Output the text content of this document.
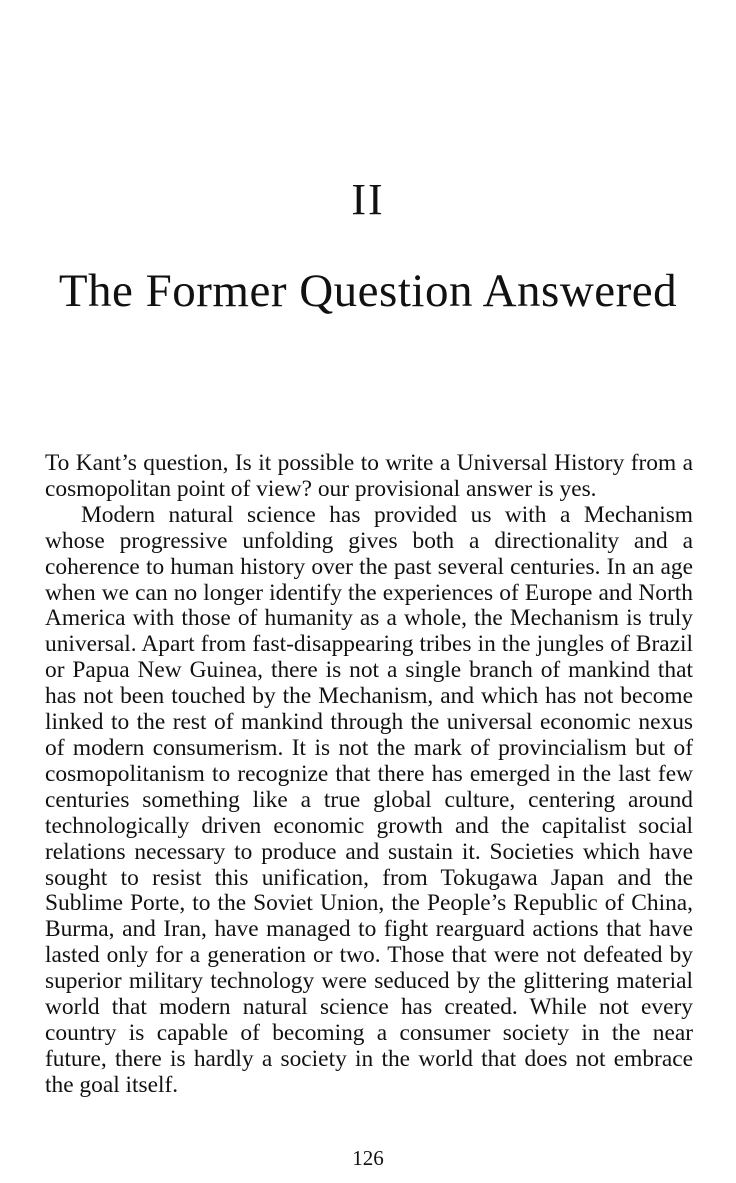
II
The Former Question Answered

To Kant’s question, Is it possible to write a Universal History from a cosmopolitan point of view? our provisional answer is yes.

Modern natural science has provided us with a Mechanism whose progressive unfolding gives both a directionality and a coherence to human history over the past several centuries. In an age when we can no longer identify the experiences of Europe and North America with those of humanity as a whole, the Mechanism is truly universal. Apart from fast-disappearing tribes in the jungles of Brazil or Papua New Guinea, there is not a single branch of mankind that has not been touched by the Mechanism, and which has not become linked to the rest of mankind through the universal economic nexus of modern consumerism. It is not the mark of provincialism but of cosmopolitanism to recognize that there has emerged in the last few centuries something like a true global culture, centering around technologically driven economic growth and the capitalist social relations necessary to produce and sustain it. Societies which have sought to resist this unification, from Tokugawa Japan and the Sublime Porte, to the Soviet Union, the People’s Republic of China, Burma, and Iran, have managed to fight rearguard actions that have lasted only for a generation or two. Those that were not defeated by superior military technology were seduced by the glittering material world that modern natural science has created. While not every country is capable of becoming a consumer society in the near future, there is hardly a society in the world that does not embrace the goal itself.

126
